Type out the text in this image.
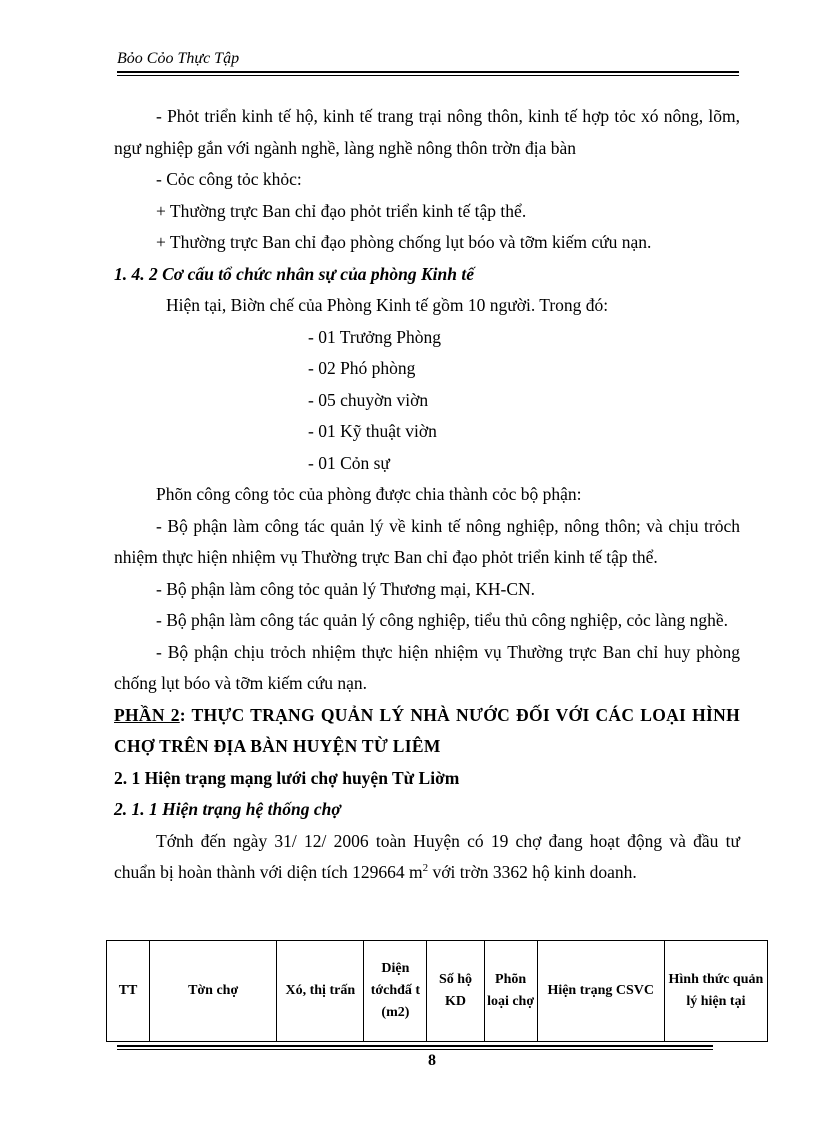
Bỏo Cỏo Thực Tập

- Phỏt triển kinh tế hộ, kinh tế trang trại nông thôn, kinh tế hợp tỏc xó nông, lõm, ngư nghiệp gắn với ngành nghề, làng nghề nông thôn trờn địa bàn

- Cỏc công tỏc khỏc:

+ Thường trực Ban chỉ đạo phỏt triển kinh tế tập thể.

+ Thường trực Ban chỉ đạo phòng chống lụt bóo và tỡm kiếm cứu nạn.

1. 4. 2 Cơ cấu tổ chức nhân sự của phòng Kinh tế

Hiện tại, Biờn chế của Phòng Kinh tế gồm 10 người. Trong đó:

- 01 Trưởng Phòng

- 02 Phó phòng

- 05 chuyờn viờn

- 01 Kỹ thuật viờn

- 01 Cỏn sự

Phõn công công tỏc của phòng được chia thành cỏc bộ phận:

- Bộ phận làm công tác quản lý về kinh tế nông nghiệp, nông thôn; và chịu trỏch nhiệm thực hiện nhiệm vụ Thường trực Ban chỉ đạo phỏt triển kinh tế tập thể.

- Bộ phận làm công tỏc quản lý Thương mại, KH-CN.

- Bộ phận làm công tác quản lý công nghiệp, tiểu thủ công nghiệp, cỏc làng nghề.

- Bộ phận chịu trỏch nhiệm thực hiện nhiệm vụ Thường trực Ban chỉ huy phòng chống lụt bóo và tỡm kiếm cứu nạn.

PHẦN 2: THỰC TRẠNG QUẢN LÝ NHÀ NƯỚC ĐỐI VỚI CÁC LOẠI HÌNH CHỢ TRÊN ĐỊA BÀN HUYỆN TỪ LIÊM

2. 1 Hiện trạng mạng lưới chợ huyện Từ Liờm

2. 1. 1 Hiện trạng hệ thống chợ

Tớnh đến ngày 31/ 12/ 2006 toàn Huyện có 19 chợ đang hoạt động và đầu tư chuẩn bị hoàn thành với diện tích 129664 $m^2$ với trờn 3362 hộ kinh doanh.

TT	Tờn chợ	Xó, thị trấn	Diện tớchđấ t (m2)	Số hộ KD	Phõn loại chợ	Hiện trạng CSVC	Hình thức quản lý hiện tại
8
